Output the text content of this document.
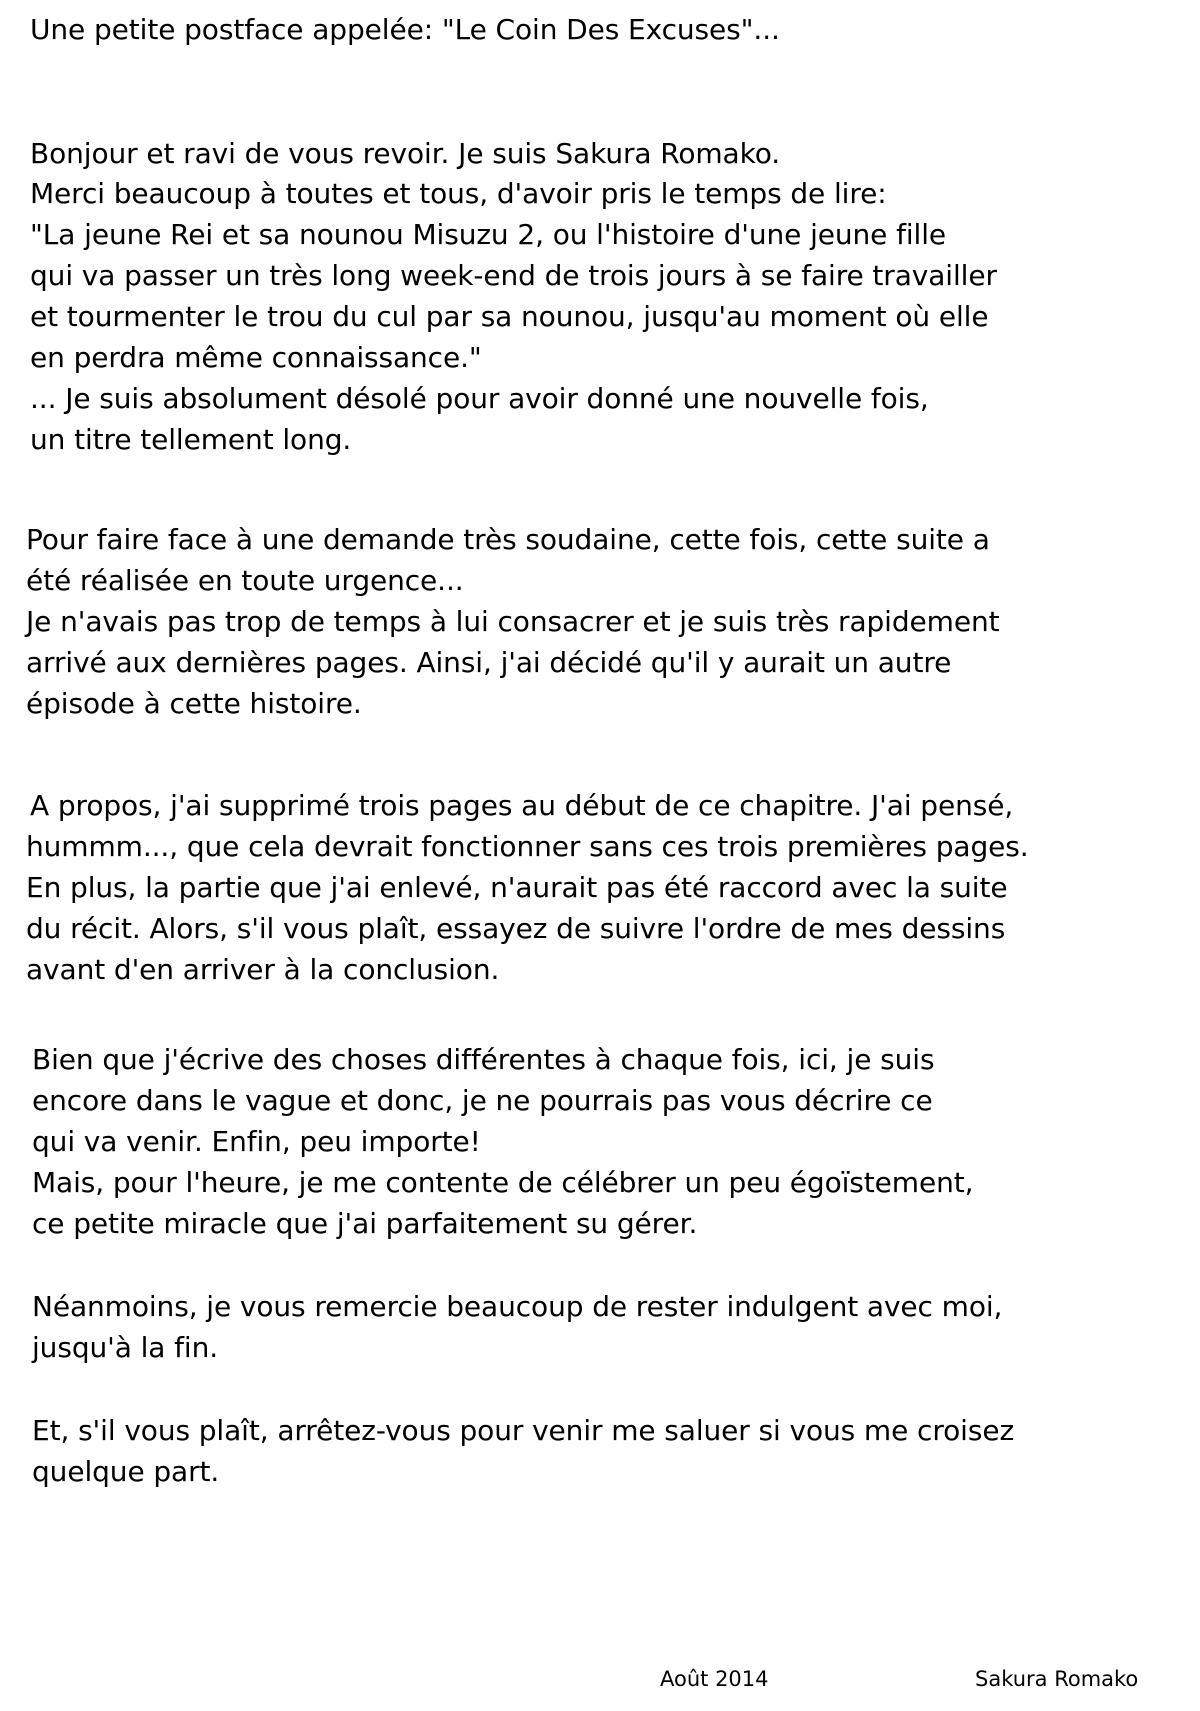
Une petite postface appelée: "Le Coin Des Excuses"...
Bonjour et ravi de vous revoir. Je suis Sakura Romako.
Merci beaucoup à toutes et tous, d'avoir pris le temps de lire:
"La jeune Rei et sa nounou Misuzu 2, ou l'histoire d'une jeune fille
qui va passer un très long week-end de trois jours à se faire travailler
et tourmenter le trou du cul par sa nounou, jusqu'au moment où elle
en perdra même connaissance."
... Je suis absolument désolé pour avoir donné une nouvelle fois,
un titre tellement long.
Pour faire face à une demande très soudaine, cette fois, cette suite a
été réalisée en toute urgence...
Je n'avais pas trop de temps à lui consacrer et je suis très rapidement
arrivé aux dernières pages. Ainsi, j'ai décidé qu'il y aurait un autre
épisode à cette histoire.
A propos, j'ai supprimé trois pages au début de ce chapitre. J'ai pensé,
hummm..., que cela devrait fonctionner sans ces trois premières pages.
En plus, la partie que j'ai enlevé, n'aurait pas été raccord avec la suite
du récit. Alors, s'il vous plaît, essayez de suivre l'ordre de mes dessins
avant d'en arriver à la conclusion.
Bien que j'écrive des choses différentes à chaque fois, ici, je suis
encore dans le vague et donc, je ne pourrais pas vous décrire ce
qui va venir. Enfin, peu importe!
Mais, pour l'heure, je me contente de célébrer un peu égoïstement,
ce petite miracle que j'ai parfaitement su gérer.
Néanmoins, je vous remercie beaucoup de rester indulgent avec moi,
jusqu'à la fin.
Et, s'il vous plaît, arrêtez-vous pour venir me saluer si vous me croisez
quelque part.
Août 2014	Sakura Romako
